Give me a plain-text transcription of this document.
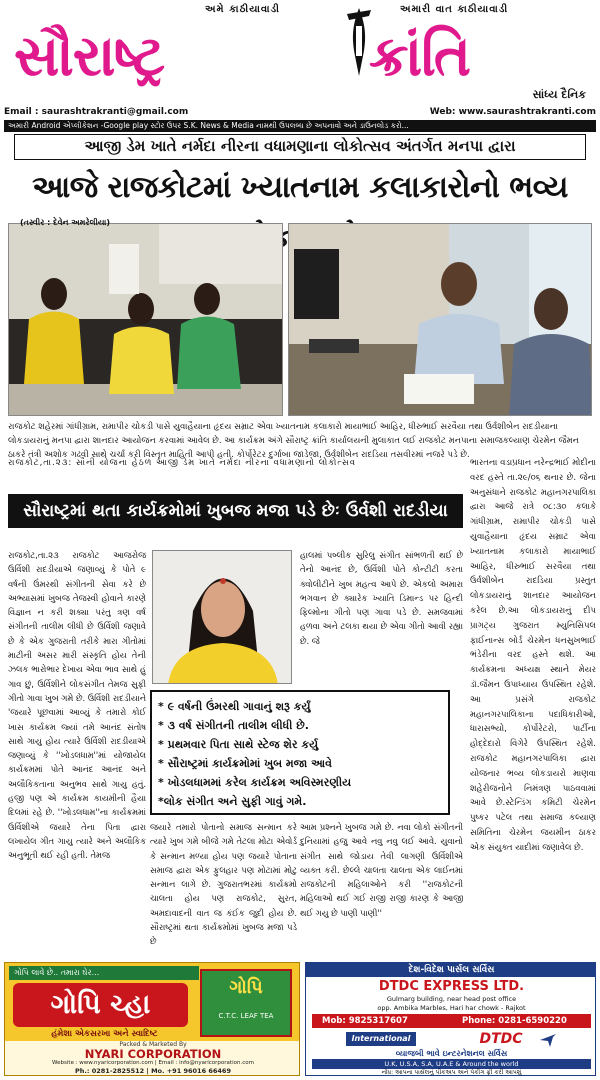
અમે કાઠીયાવાડી	અમારી વાત કાઠીયાવાડી
સૌરાષ્ટ્ર	ક્રાંતિ
સાંધ્ય દૈનિક
Email : saurashtrakranti@gmail.com	Web: www.saurashtrakranti.com
અમારી Android એપ્લીકેશન -Google play સ્ટોર ઉપર S.K. News & Media નામથી ઉપલબ્ધ છે અપનાવો અને ડાઉનલોડ કરો...
આજી ડેમ ખાતે નર્મદા નીરના વધામણાના લોકોત્સવ અંતર્ગત મનપા દ્વારા
આજે રાજકોટમાં ખ્યાતનામ કલાકારોનો ભવ્ય
(તસ્વીર : દેવેન અમરેલીયા)
રાજકોટ શહેરમાં ગાંધીગ્રામ, રામાપીર ચોકડી પાસે યુવાહૈયાના હૃદય સમ્રાટ એવા ખ્યાતનામ કલાકારો માયાભાઈ આહિર, ધીરુભાઈ સરવૈયા તથા ઉર્વશીબેન રાદડીયાના લોકડાયરાનું મનપા દ્વારા શાનદાર આયોજન કરવામાં આવેલ છે. આ કાર્યક્રમ અંગે સૌરાષ્ટ્ર ક્રાંતિ કાર્યાલયની મુલાકાત લઈ રાજકોટ મનપાના સમાજકલ્યાણ ચેરમેન જૈમન ઠાકરે તંત્રી અશોક ગઢવી સાથે ચર્ચા કરી વિસ્તૃત માહિતી આપી હતી. કોર્પોરેટર દુર્ગાબા જાડેજા, ઉર્વશીબેન રાદડિયા તસવીરમાં નજરે પડે છે.
રાજકોટ,તા.૨૩: સૌની યોજના હેઠળ આજી ડેમ ખાતે નર્મદા નીરના વધામણાનો લોકોત્સવ	ભારતના વડાપ્રધાન નરેન્દ્રભાઈ મોદીના વરદ હસ્તે તા.૨૯/૦૬ થનાર છે. જેના અનુસંધાને રાજકોટ મહાનગરપાલિકા દ્વારા આજે રાત્રે ૦૮:૩૦ કલાકે ગાંધીગ્રામ, રામાપીર ચોકડી પાસે યુવાહૈયાના હૃદય સમ્રાટ એવા ખ્યાતનામ કલાકારો માયાભાઈ આહિર, ધીરુભાઈ સરવૈયા તથા ઉર્વશીબેન રાદડિયા પ્રસ્તુત લોકડાયરાનું શાનદાર આયોજન કરેલ છે.આ લોકડાયરાનું દીપ પ્રાગટ્ય ગુજરાત મ્યુનિસિપલ ફાઈનાન્સ બોર્ડ ચેરમેન ધનસુખભાઈ ભંડેરીના વરદ હસ્તે થશે. આ કાર્યક્રમના અધ્યક્ષ સ્થાને મેયર ડૉ.જૈમન ઉપાધ્યાય ઉપસ્થિત રહેશે. આ પ્રસંગે રાજકોટ મહાનગરપાલિકાના પદાધિકારીઓ, ધારાસભ્યો, કોર્પોરેટરો, પાર્ટીના હોદ્દેદારો વિગેરે ઉપસ્થિત રહેશે. રાજકોટ મહાનગરપાલિકા દ્વારા યોજનાર ભવ્ય લોકડાયરો માણવા શહેરીજનોને નિમંત્રણ પાઠવવામાં આવે છે.સ્ટેન્ડિંગ કમિટી ચેરમેન પુષ્કર પટેલ તથા સમાજ કલ્યાણ સમિતિના ચેરમેન જયમીન ઠાકર એક સંયુક્ત યાદીમાં જણાવેલ છે.
સૌરાષ્ટ્રમાં થતા કાર્યક્રમોમાં ખુબજ મજા પડે છેઃ ઉર્વશી રાદડીયા
રાજકોટ,તા.૨૩ રાજકોટ આજરોજ ઉર્વિશી રાદડીયાએ જણાવ્યું કે પોતે ૯ વર્ષની ઉંમરથી સંગીતની સેવા કરે છે અભ્યાસમાં ખુબજ તેજસ્વી હોવાને કારણે વિજ્ઞાન ન કરી શક્યા પરંતુ ત્રણ વર્ષ સંગીતની તાલીમ લીધી છે ઉર્વિશી જણાવે છે કે એક ગુજરાતી તરીકે મારા ગીતોમાં માટીની અસર મારી સંસ્કૃતિ હોય તેની ઝલક ભારોભાર દેખાય એવા ભાવ સાથે હું ગાવ છું, ઉર્વિશીને લોકસંગીત તેમજ સુફી ગીતો ગાવા ખુબ ગમે છે. ઉર્વિશી રાદડીયાને 'જયારે પૂછવામાં આવ્યું કે તમારો કોઈ ખાસ કાર્યક્રમ જ્યાં તમે આનંદ સંતોષ સાથે ગાયુ હોય ત્યારે ઉર્વિશી રાદડીયાએ જણાવ્યું કે ''ખોડલધામ''માં યોજાયેલ કાર્યક્રમમાં પોતે આનંદ આનંદ અને અલૌકિકતાના અનુભવ સાથે ગાયુ હતું. હજી પણ એ કાર્યક્રમ કાયમીની હૈયા દિલમાં રહે છે. ''ખોડલધામ''ના કાર્યક્રમમાં ઉર્વિશીએ જયારે તેના પિતા દ્વારા લખાયેલ ગીત ગાયુ ત્યારે અને અલૌકિક અનુભૂતી થઈ રહી હતી. તેમજ
હાલમાં પબ્લીક સુરિલુ સંગીત સાંભળતી થઈ છે તેનો આનંદ છે, ઉર્વિશી પોતે કોન્ટીટી કરતા ક્વોલીટીને ખુબ મહત્વ આપે છે. એકલો અમારા ભગવાન છે ક્યારેક ખ્યાતિ ડિમાન્ડ પર હિન્દી ફિલ્મોના ગીતો પણ ગાવા પડે છે. સમજવામાં હળવા અને ટલકા થયા છે એવા ગીતો આવી રહ્યા છે. જે
* ૯ વર્ષની ઉંમરથી ગાવાનું શરૂ કર્યું
* ૩ વર્ષ સંગીતની તાલીમ લીધી છે.
* પ્રથમવાર પિતા સાથે સ્ટેજ શેર કર્યુ
* સૌરાષ્ટ્રમાં કાર્યક્રમોમાં ખુબ મજા આવે
* ખોડલધામમાં કરેલ કાર્યક્રમ અવિસ્મરણીય
*લોક સંગીત અને સુફી ગાવું ગમે.
જયારે તમારો પોતાનો સમાજ સન્માન કરે ત્યારે ખુબ ગમે બીજે ગમે તેટલા મોટા એવોર્ડ કે સન્માન મળ્યા હોય પણ જયારે પોતાના સમાજ દ્વારા એક ફુલહાર પણ મોટામાં મોટુ સન્માન લાગે છે. ગુજરાતભરમાં કાર્યક્રમો ચાલતા હોય પણ રાજકોટ, સુરત, અમદાવાદની વાત જ કંઈક જુદી હોય છે. સૌરાષ્ટ્રમાં થતા કાર્યક્રમોમાં ખુબજ મજા પડે છે
આમ પ્રશ્નને ખુબજ ગમે છે. નવા લોકો સંગીતની દુનિયામાં હજુ આવે નવુ નવુ લઈ આવે. યુવાનો સંગીત સાથે જોડાય તેવી લાગણી ઉર્વિશીએ વ્યક્ત કરી. છેલ્લે ચાલતા ચાલતા એક લાઈનમાં રાજકોટની મહિલાઓને કરી ''રાજકોટની મહિલાઓ થઈ ગઈ રાજી રાજી કારણ કે આજી થઈ ગયુ છે પાણી પાણી''
ગોપિ લાવે છે.. તમારા ઘેર...
ગોપિ ચ્હા
હંમેશા એકસરખા અને સ્વાદિષ્ટ
ગોપિ
C.T.C. LEAF TEA
Packed & Marketed By
NYARI CORPORATION
Website : www.nyaricorporation.com | Email : info@nyaricorporation.com
Ph.: 0281-2825512 | Mo. +91 96016 66469
દેશ-વિદેશ પાર્સલ સર્વિસ
DTDC EXPRESS LTD.
Gulmarg building, near head post office
opp. Ambika Marbles, Hari har chowk - Rajkot
Mob: 9825317607	Phone: 0281-6590220
International	DTDC
વ્યાજબી ભાવે ઇન્ટરનેશનલ સર્વિસ
U.K, U.S.A, S.A, U.A.E & Around the world
નોંધ: આપના પાર્સલનું પીકઅપ અને પેકીંગ ફ્રી કરી આપશું
